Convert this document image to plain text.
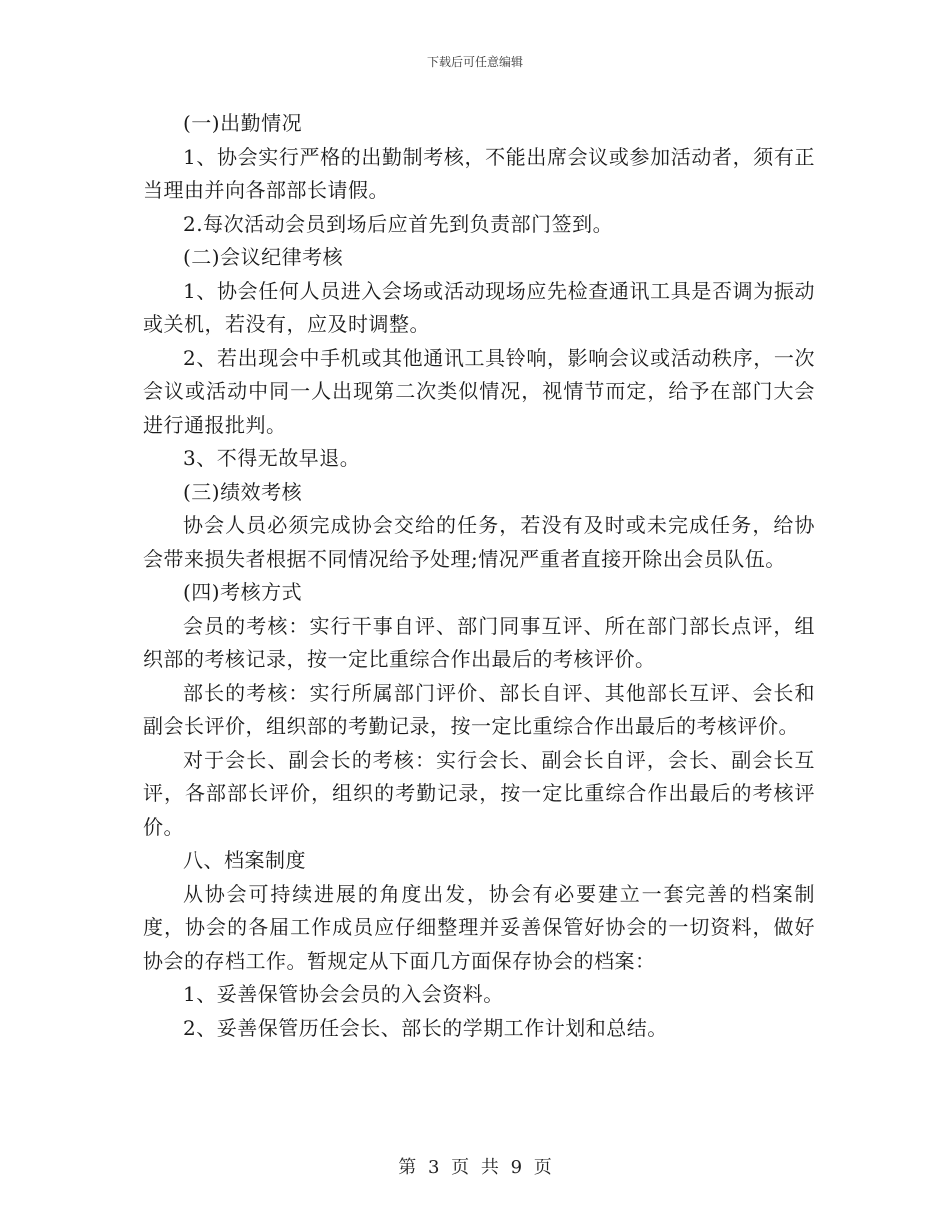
下载后可任意编辑

(一)出勤情况

1、协会实行严格的出勤制考核，不能出席会议或参加活动者，须有正当理由并向各部部长请假。

2.每次活动会员到场后应首先到负责部门签到。

(二)会议纪律考核

1、协会任何人员进入会场或活动现场应先检查通讯工具是否调为振动或关机，若没有，应及时调整。

2、若出现会中手机或其他通讯工具铃响，影响会议或活动秩序，一次会议或活动中同一人出现第二次类似情况，视情节而定，给予在部门大会进行通报批判。

3、不得无故早退。

(三)绩效考核

协会人员必须完成协会交给的任务，若没有及时或未完成任务，给协会带来损失者根据不同情况给予处理;情况严重者直接开除出会员队伍。

(四)考核方式

会员的考核：实行干事自评、部门同事互评、所在部门部长点评，组织部的考核记录，按一定比重综合作出最后的考核评价。

部长的考核：实行所属部门评价、部长自评、其他部长互评、会长和副会长评价，组织部的考勤记录，按一定比重综合作出最后的考核评价。

对于会长、副会长的考核：实行会长、副会长自评，会长、副会长互评，各部部长评价，组织的考勤记录，按一定比重综合作出最后的考核评价。

八、档案制度

从协会可持续进展的角度出发，协会有必要建立一套完善的档案制度，协会的各届工作成员应仔细整理并妥善保管好协会的一切资料，做好协会的存档工作。暂规定从下面几方面保存协会的档案：

1、妥善保管协会会员的入会资料。

2、妥善保管历任会长、部长的学期工作计划和总结。

第 3 页 共 9 页
